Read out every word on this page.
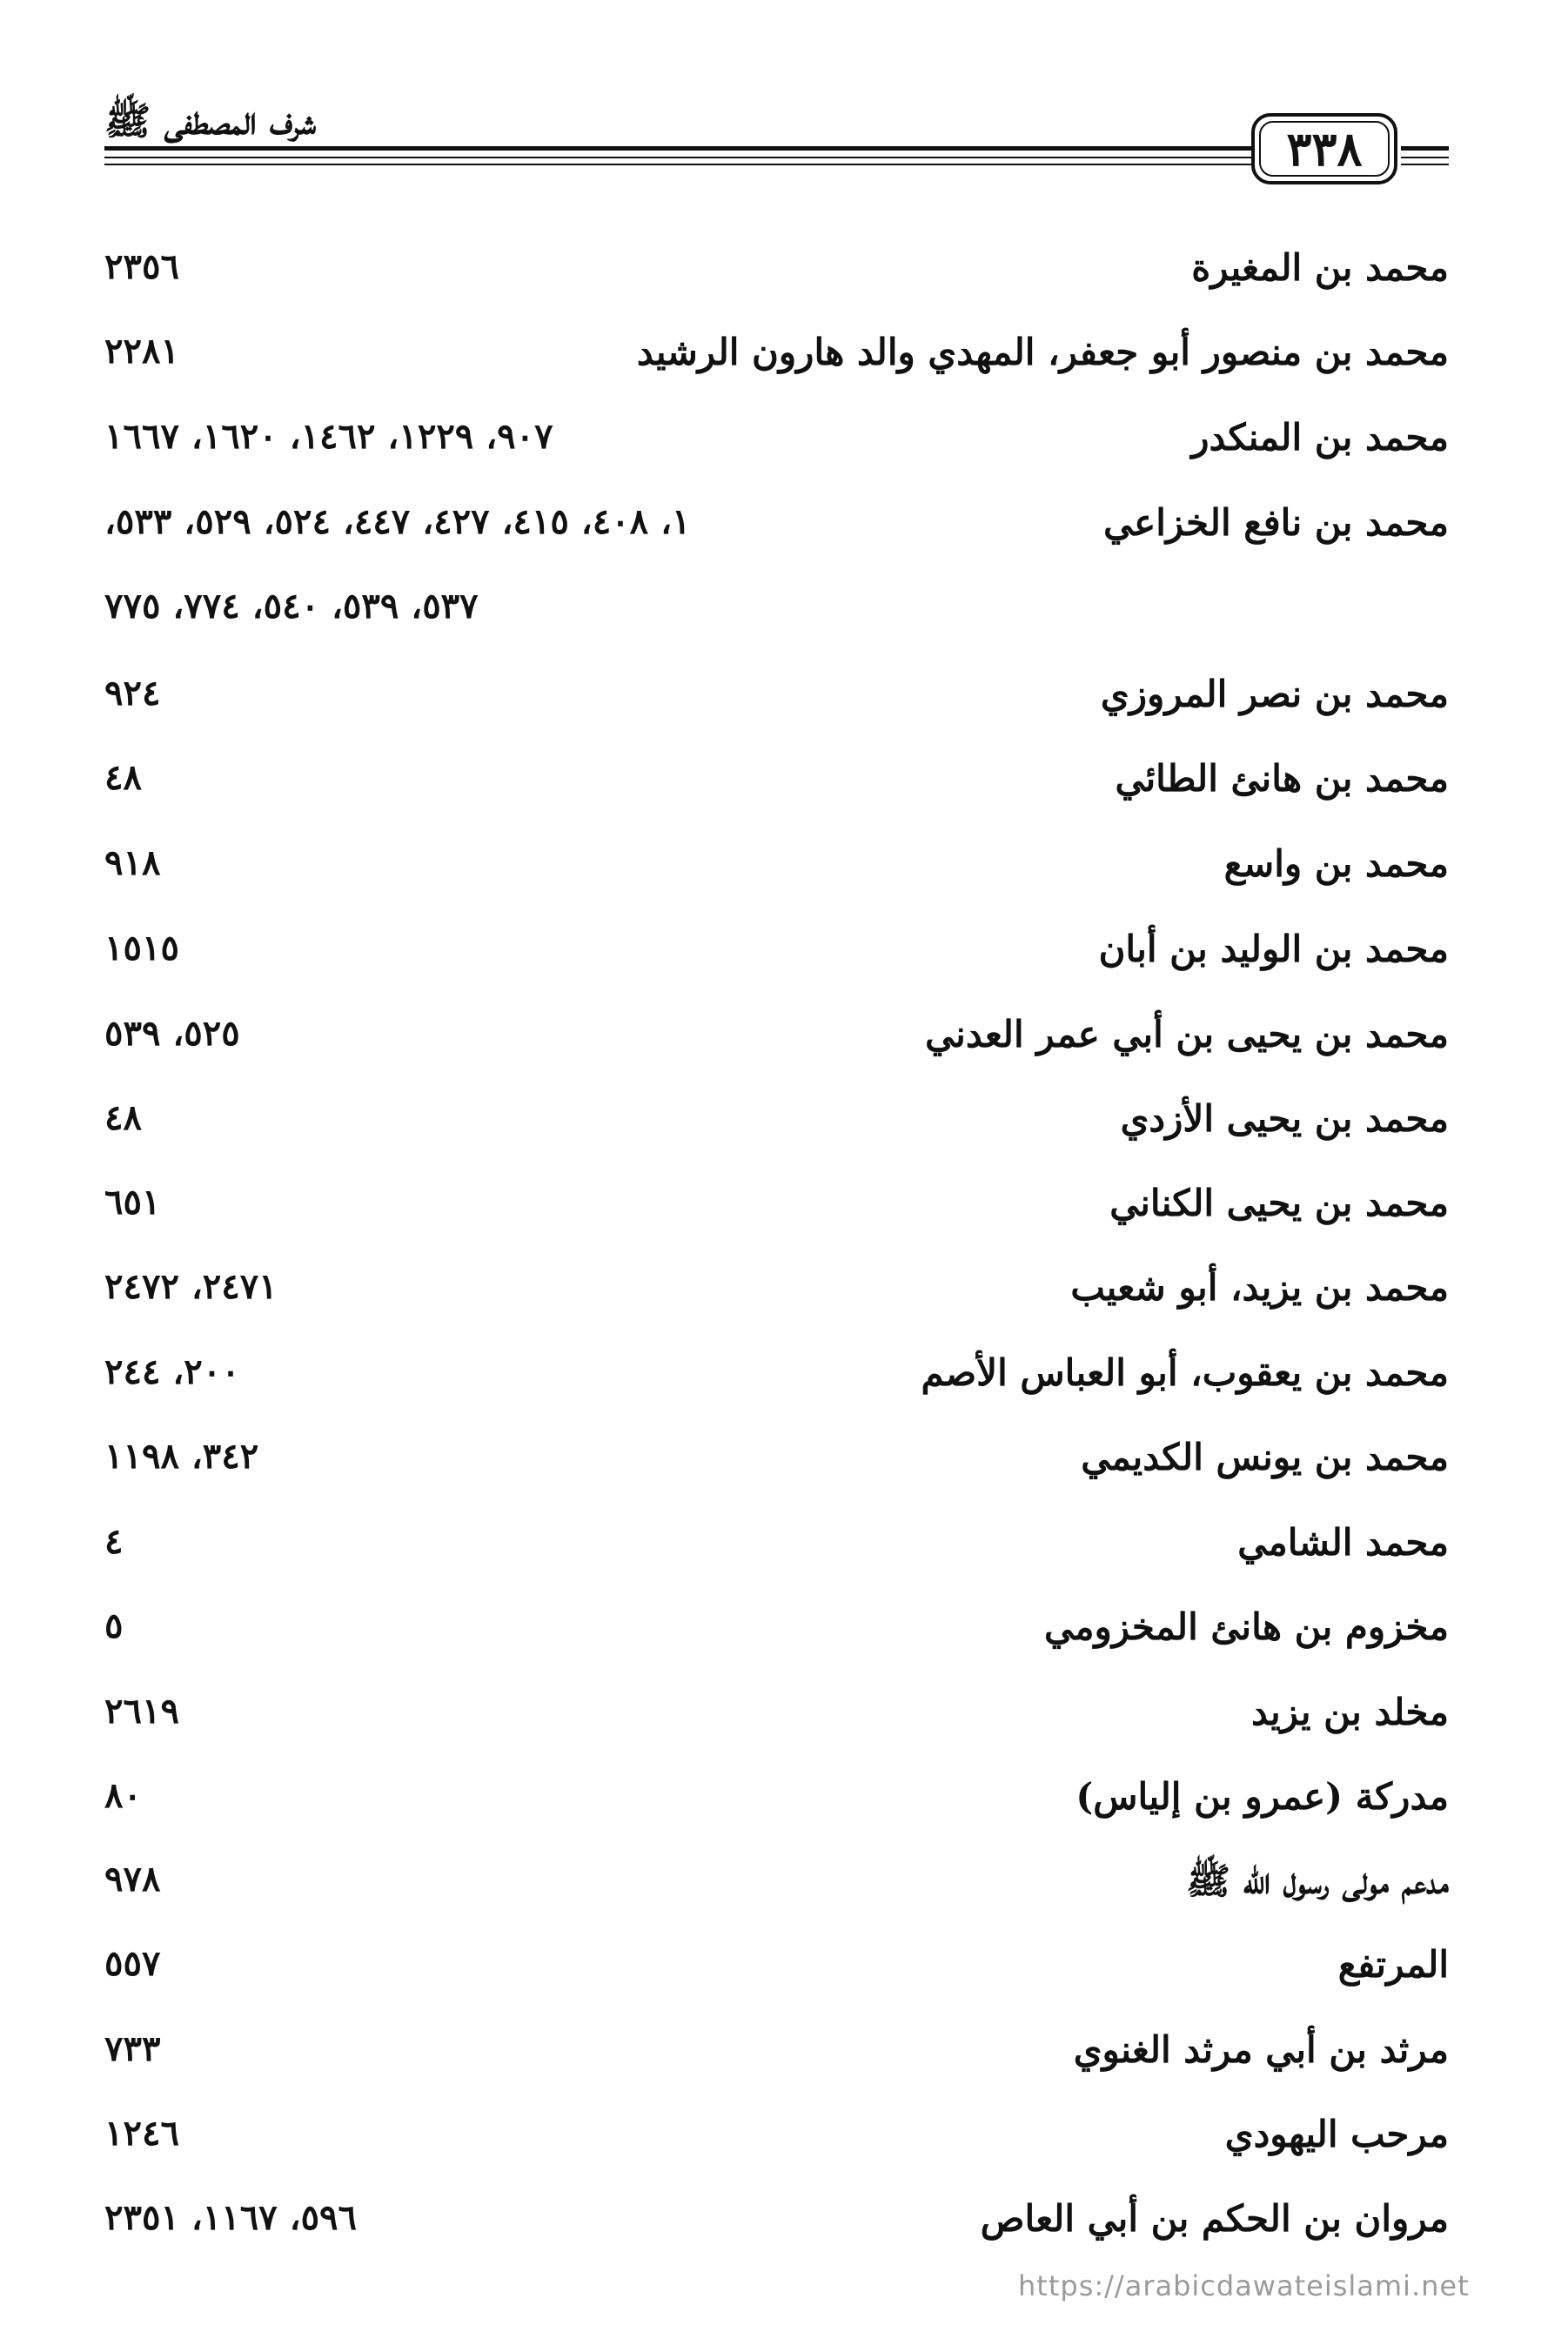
شرف المصطفى ﷺ	٣٣٨
محمد بن المغيرة
٢٣٥٦
محمد بن منصور أبو جعفر، المهدي والد هارون الرشيد
٢٢٨١
محمد بن المنكدر
٩٠٧، ١٢٢٩، ١٤٦٢، ١٦٢٠، ١٦٦٧
محمد بن نافع الخزاعي
١، ٤٠٨، ٤١٥، ٤٢٧، ٤٤٧، ٥٢٤، ٥٢٩، ٥٣٣،
٥٣٧، ٥٣٩، ٥٤٠، ٧٧٤، ٧٧٥
محمد بن نصر المروزي
٩٢٤
محمد بن هانئ الطائي
٤٨
محمد بن واسع
٩١٨
محمد بن الوليد بن أبان
١٥١٥
محمد بن يحيى بن أبي عمر العدني
٥٢٥، ٥٣٩
محمد بن يحيى الأزدي
٤٨
محمد بن يحيى الكناني
٦٥١
محمد بن يزيد، أبو شعيب
٢٤٧١، ٢٤٧٢
محمد بن يعقوب، أبو العباس الأصم
٢٠٠، ٢٤٤
محمد بن يونس الكديمي
٣٤٢، ١١٩٨
محمد الشامي
٤
مخزوم بن هانئ المخزومي
٥
مخلد بن يزيد
٢٦١٩
مدركة (عمرو بن إلياس)
٨٠
مدعم مولى رسول الله ﷺ
٩٧٨
المرتفع
٥٥٧
مرثد بن أبي مرثد الغنوي
٧٣٣
مرحب اليهودي
١٢٤٦
مروان بن الحكم بن أبي العاص
٥٩٦، ١١٦٧، ٢٣٥١
https://arabicdawateislami.net
